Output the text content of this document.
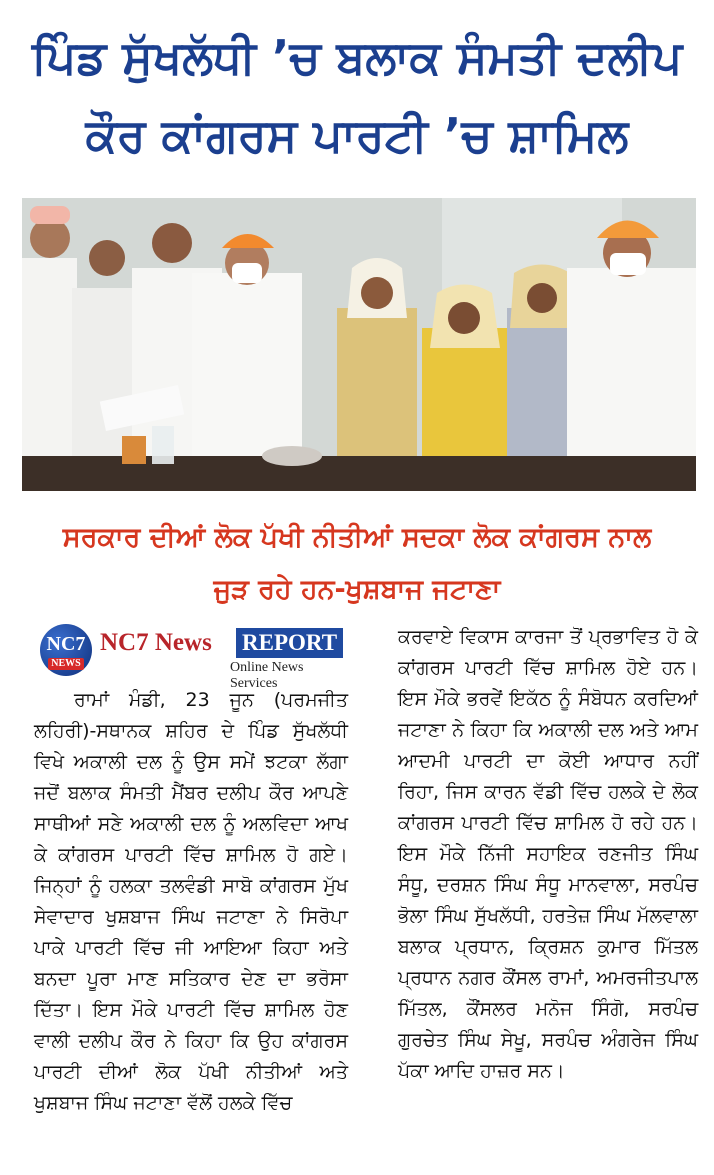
ਪਿੰਡ ਸੁੱਖਲੱਧੀ ’ਚ ਬਲਾਕ ਸੰਮਤੀ ਦਲੀਪ
ਕੌਰ ਕਾਂਗਰਸ ਪਾਰਟੀ ’ਚ ਸ਼ਾਮਿਲ
ਸਰਕਾਰ ਦੀਆਂ ਲੋਕ ਪੱਖੀ ਨੀਤੀਆਂ ਸਦਕਾ ਲੋਕ ਕਾਂਗਰਸ ਨਾਲ
ਜੁੜ ਰਹੇ ਹਨ-ਖੁਸ਼ਬਾਜ ਜਟਾਣਾ
NC7
NEWS
NC7 News REPORT
Online News Services
ਰਾਮਾਂ ਮੰਡੀ, 23 ਜੂਨ (ਪਰਮਜੀਤ ਲਹਿਰੀ)-ਸਥਾਨਕ ਸ਼ਹਿਰ ਦੇ ਪਿੰਡ ਸੁੱਖਲੱਧੀ ਵਿਖੇ ਅਕਾਲੀ ਦਲ ਨੂੰ ਉਸ ਸਮੇਂ ਝਟਕਾ ਲੱਗਾ ਜਦੋਂ ਬਲਾਕ ਸੰਮਤੀ ਮੈਂਬਰ ਦਲੀਪ ਕੌਰ ਆਪਣੇ ਸਾਥੀਆਂ ਸਣੇ ਅਕਾਲੀ ਦਲ ਨੂੰ ਅਲਵਿਦਾ ਆਖ ਕੇ ਕਾਂਗਰਸ ਪਾਰਟੀ ਵਿੱਚ ਸ਼ਾਮਿਲ ਹੋ ਗਏ। ਜਿਨ੍ਹਾਂ ਨੂੰ ਹਲਕਾ ਤਲਵੰਡੀ ਸਾਬੋ ਕਾਂਗਰਸ ਮੁੱਖ ਸੇਵਾਦਾਰ ਖੁਸ਼ਬਾਜ ਸਿੰਘ ਜਟਾਣਾ ਨੇ ਸਿਰੋਪਾ ਪਾਕੇ ਪਾਰਟੀ ਵਿੱਚ ਜੀ ਆਇਆ ਕਿਹਾ ਅਤੇ ਬਨਦਾ ਪੂਰਾ ਮਾਣ ਸਤਿਕਾਰ ਦੇਣ ਦਾ ਭਰੋਸਾ ਦਿੱਤਾ। ਇਸ ਮੌਕੇ ਪਾਰਟੀ ਵਿੱਚ ਸ਼ਾਮਿਲ ਹੋਣ ਵਾਲੀ ਦਲੀਪ ਕੌਰ ਨੇ ਕਿਹਾ ਕਿ ਉਹ ਕਾਂਗਰਸ ਪਾਰਟੀ ਦੀਆਂ ਲੋਕ ਪੱਖੀ ਨੀਤੀਆਂ ਅਤੇ ਖੁਸ਼ਬਾਜ ਸਿੰਘ ਜਟਾਣਾ ਵੱਲੋਂ ਹਲਕੇ ਵਿੱਚ
ਕਰਵਾਏ ਵਿਕਾਸ ਕਾਰਜਾ ਤੋਂ ਪ੍ਰਭਾਵਿਤ ਹੋ ਕੇ ਕਾਂਗਰਸ ਪਾਰਟੀ ਵਿੱਚ ਸ਼ਾਮਿਲ ਹੋਏ ਹਨ। ਇਸ ਮੌਕੇ ਭਰਵੇਂ ਇਕੱਠ ਨੂੰ ਸੰਬੋਧਨ ਕਰਦਿਆਂ ਜਟਾਣਾ ਨੇ ਕਿਹਾ ਕਿ ਅਕਾਲੀ ਦਲ ਅਤੇ ਆਮ ਆਦਮੀ ਪਾਰਟੀ ਦਾ ਕੋਈ ਆਧਾਰ ਨਹੀਂ ਰਿਹਾ, ਜਿਸ ਕਾਰਨ ਵੱਡੀ ਵਿੱਚ ਹਲਕੇ ਦੇ ਲੋਕ ਕਾਂਗਰਸ ਪਾਰਟੀ ਵਿੱਚ ਸ਼ਾਮਿਲ ਹੋ ਰਹੇ ਹਨ। ਇਸ ਮੌਕੇ ਨਿੱਜੀ ਸਹਾਇਕ ਰਣਜੀਤ ਸਿੰਘ ਸੰਧੂ, ਦਰਸ਼ਨ ਸਿੰਘ ਸੰਧੂ ਮਾਨਵਾਲਾ, ਸਰਪੰਚ ਭੋਲਾ ਸਿੰਘ ਸੁੱਖਲੱਧੀ, ਹਰਤੇਜ਼ ਸਿੰਘ ਮੱਲਵਾਲਾ ਬਲਾਕ ਪ੍ਰਧਾਨ, ਕ੍ਰਿਸ਼ਨ ਕੁਮਾਰ ਮਿੱਤਲ ਪ੍ਰਧਾਨ ਨਗਰ ਕੌਂਸਲ ਰਾਮਾਂ, ਅਮਰਜੀਤਪਾਲ ਮਿੱਤਲ, ਕੌਂਸਲਰ ਮਨੋਜ ਸਿੰਗੋ, ਸਰਪੰਚ ਗੁਰਚੇਤ ਸਿੰਘ ਸੇਖੂ, ਸਰਪੰਚ ਅੰਗਰੇਜ ਸਿੰਘ ਪੱਕਾ ਆਦਿ ਹਾਜ਼ਰ ਸਨ।
